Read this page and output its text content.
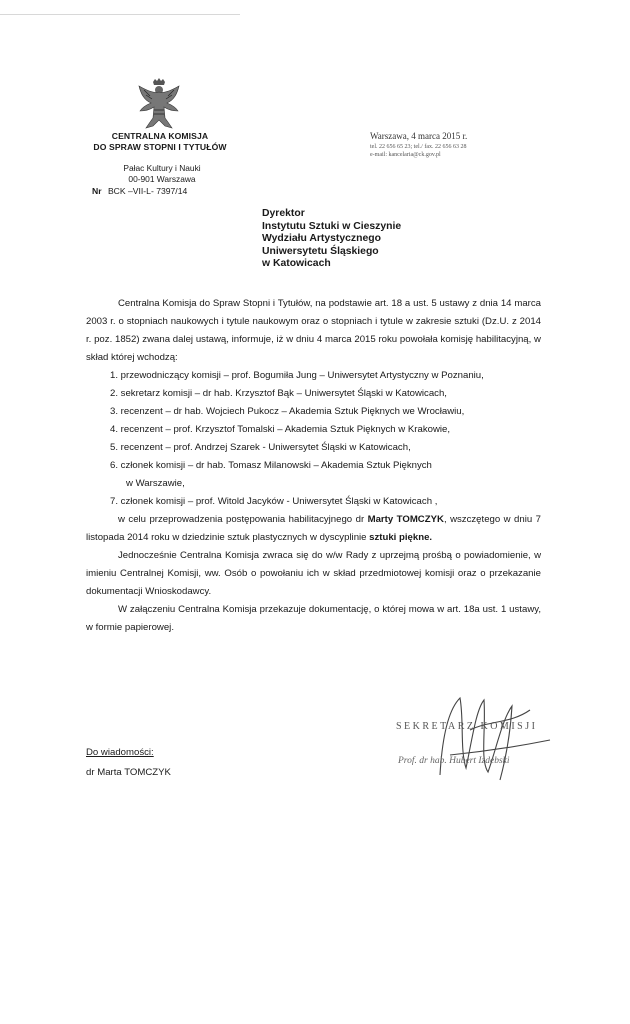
CENTRALNA KOMISJA
DO SPRAW STOPNI I TYTUŁÓW
Pałac Kultury i Nauki
00-901 Warszawa
Nr BCK –VII-L- 7397/14
Warszawa, 4 marca 2015 r.
tel. 22 656 65 23; tel./ fax. 22 656 63 28
e-mail: kancelaria@ck.gov.pl
Dyrektor
Instytutu Sztuki w Cieszynie
Wydziału Artystycznego
Uniwersytetu Śląskiego
w Katowicach

Centralna Komisja do Spraw Stopni i Tytułów, na podstawie art. 18 a ust. 5 ustawy z dnia 14 marca 2003 r. o stopniach naukowych i tytule naukowym oraz o stopniach i tytule w zakresie sztuki (Dz.U. z 2014 r. poz. 1852) zwana dalej ustawą, informuje, iż w dniu 4 marca 2015 roku powołała komisję habilitacyjną, w skład której wchodzą:

1. przewodniczący komisji – prof. Bogumiła Jung – Uniwersytet Artystyczny w Poznaniu,
2. sekretarz komisji – dr hab. Krzysztof Bąk – Uniwersytet Śląski w Katowicach,
3. recenzent – dr hab. Wojciech Pukocz – Akademia Sztuk Pięknych we Wrocławiu,
4. recenzent – prof. Krzysztof Tomalski – Akademia Sztuk Pięknych w Krakowie,
5. recenzent – prof. Andrzej Szarek - Uniwersytet Śląski w Katowicach,
6. członek komisji – dr hab. Tomasz Milanowski – Akademia Sztuk Pięknych
w Warszawie,
7. członek komisji – prof. Witold Jacyków - Uniwersytet Śląski w Katowicach ,

w celu przeprowadzenia postępowania habilitacyjnego dr Marty TOMCZYK, wszczętego w dniu 7 listopada 2014 roku w dziedzinie sztuk plastycznych w dyscyplinie sztuki piękne.

Jednocześnie Centralna Komisja zwraca się do w/w Rady z uprzejmą prośbą o powiadomienie, w imieniu Centralnej Komisji, ww. Osób o powołaniu ich w skład przedmiotowej komisji oraz o przekazanie dokumentacji Wnioskodawcy.

W załączeniu Centralna Komisja przekazuje dokumentację, o której mowa w art. 18a ust. 1 ustawy, w formie papierowej.

SEKRETARZ KOMISJI
Prof. dr hab. Hubert Izdebski
Do wiadomości:
dr Marta TOMCZYK
